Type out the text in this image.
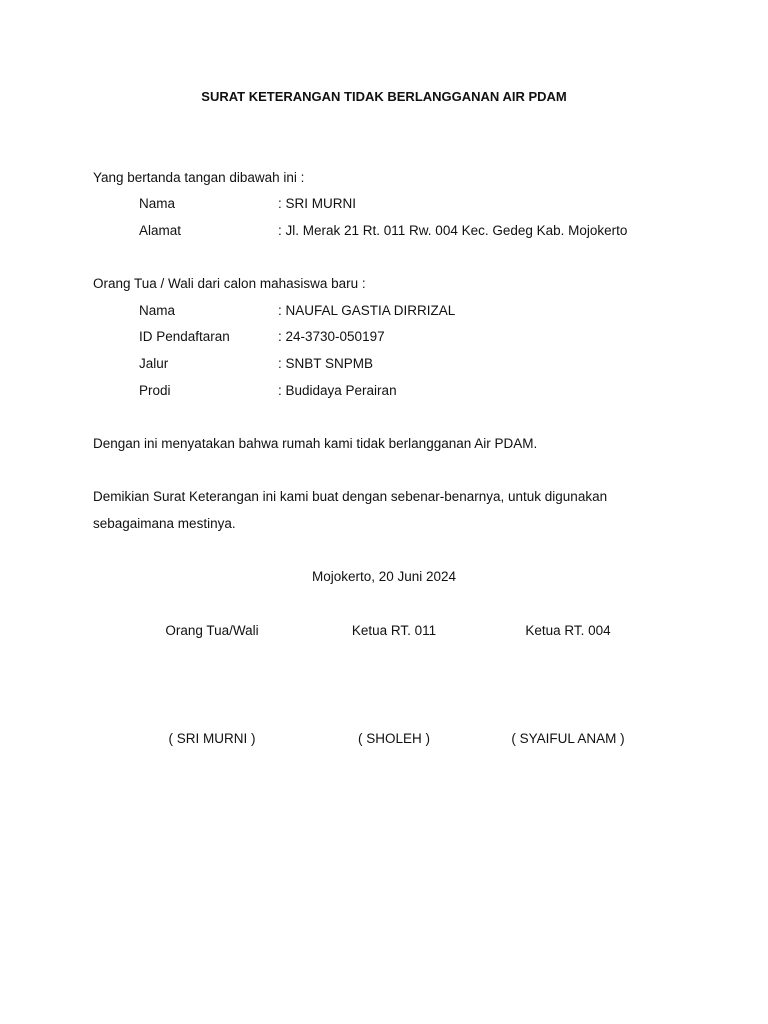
SURAT KETERANGAN TIDAK BERLANGGANAN AIR PDAM
Yang bertanda tangan dibawah ini :
Nama	: SRI MURNI
Alamat	: Jl. Merak 21 Rt. 011 Rw. 004 Kec. Gedeg Kab. Mojokerto
Orang Tua / Wali dari calon mahasiswa baru :
Nama	: NAUFAL GASTIA DIRRIZAL
ID Pendaftaran	: 24-3730-050197
Jalur	: SNBT SNPMB
Prodi	: Budidaya Perairan
Dengan ini menyatakan bahwa rumah kami tidak berlangganan Air PDAM.
Demikian Surat Keterangan ini kami buat dengan sebenar-benarnya, untuk digunakan
sebagaimana mestinya.
Mojokerto, 20 Juni 2024
Orang Tua/Wali	Ketua RT. 011	Ketua RT. 004
( SRI MURNI )	( SHOLEH )	( SYAIFUL ANAM )
